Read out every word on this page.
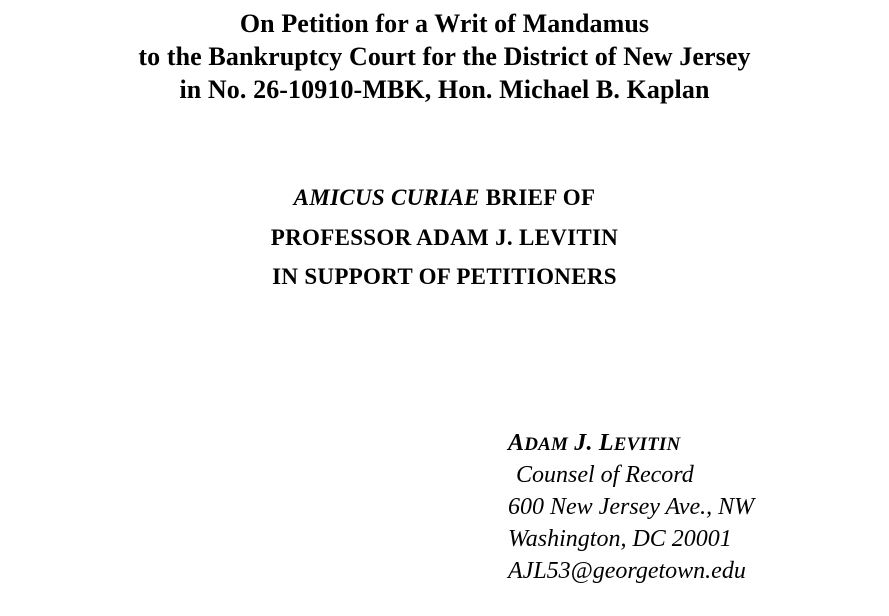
On Petition for a Writ of Mandamus
to the Bankruptcy Court for the District of New Jersey
in No. 26-10910-MBK, Hon. Michael B. Kaplan
AMICUS CURIAE BRIEF OF
PROFESSOR ADAM J. LEVITIN
IN SUPPORT OF PETITIONERS
ADAM J. LEVITIN
Counsel of Record
600 New Jersey Ave., NW
Washington, DC 20001
AJL53@georgetown.edu
